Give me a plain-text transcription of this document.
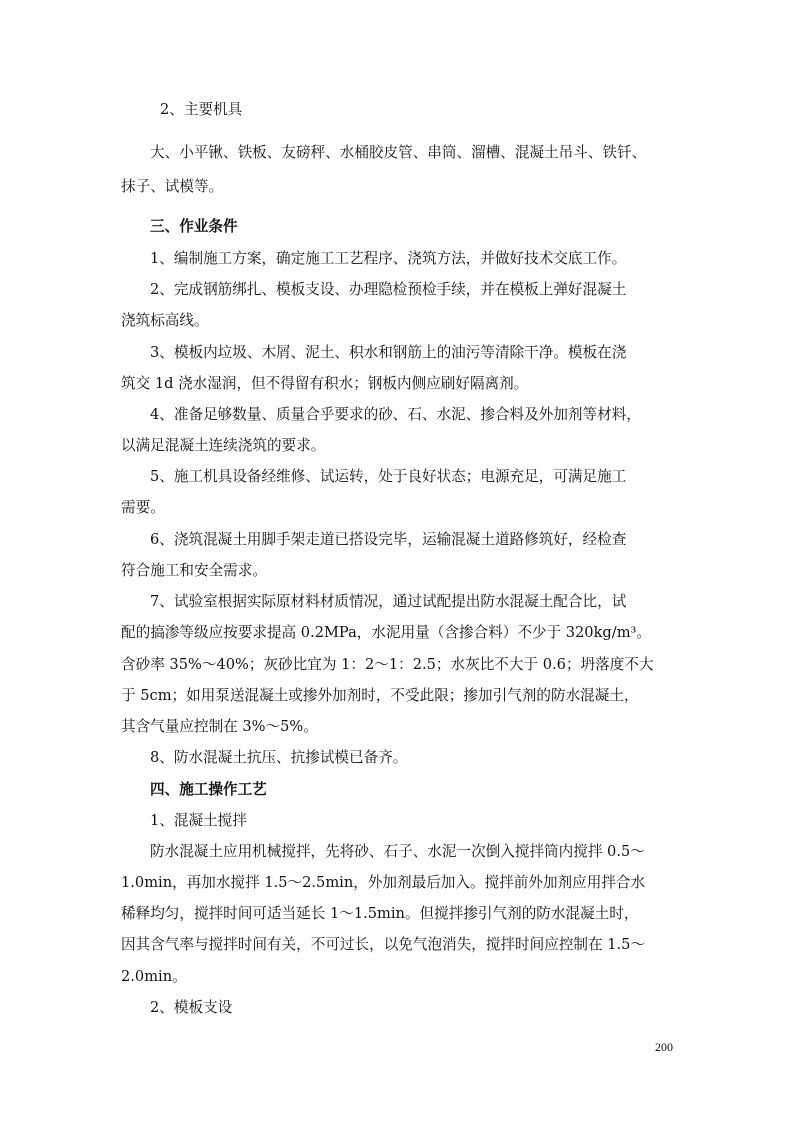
2、主要机具
大、小平锹、铁板、友磅秤、水桶胶皮管、串筒、溜槽、混凝土吊斗、铁钎、
抹子、试模等。
三、作业条件
1、编制施工方案，确定施工工艺程序、浇筑方法，并做好技术交底工作。
2、完成钢筋绑扎、模板支设、办理隐检预检手续，并在模板上弹好混凝土
浇筑标高线。
3、模板内垃圾、木屑、泥土、积水和钢筋上的油污等清除干净。模板在浇
筑交 1d 浇水湿润，但不得留有积水；钢板内侧应刷好隔离剂。
4、准备足够数量、质量合乎要求的砂、石、水泥、掺合料及外加剂等材料，
以满足混凝土连续浇筑的要求。
5、施工机具设备经维修、试运转，处于良好状态；电源充足，可满足施工
需要。
6、浇筑混凝土用脚手架走道已搭设完毕，运输混凝土道路修筑好，经检查
符合施工和安全需求。
7、试验室根据实际原材料材质情况，通过试配提出防水混凝土配合比，试
配的搞渗等级应按要求提高 0.2MPa，水泥用量（含掺合料）不少于 320kg/m³。
含砂率 35%～40%；灰砂比宜为 1：2～1：2.5；水灰比不大于 0.6；坍落度不大
于 5cm；如用泵送混凝土或掺外加剂时，不受此限；掺加引气剂的防水混凝土，
其含气量应控制在 3%～5%。
8、防水混凝土抗压、抗掺试模已备齐。
四、施工操作工艺
1、混凝土搅拌
防水混凝土应用机械搅拌，先将砂、石子、水泥一次倒入搅拌筒内搅拌 0.5～
1.0min，再加水搅拌 1.5～2.5min，外加剂最后加入。搅拌前外加剂应用拌合水
稀释均匀，搅拌时间可适当延长 1～1.5min。但搅拌掺引气剂的防水混凝土时，
因其含气率与搅拌时间有关，不可过长，以免气泡消失，搅拌时间应控制在 1.5～
2.0min。
2、模板支设
200
